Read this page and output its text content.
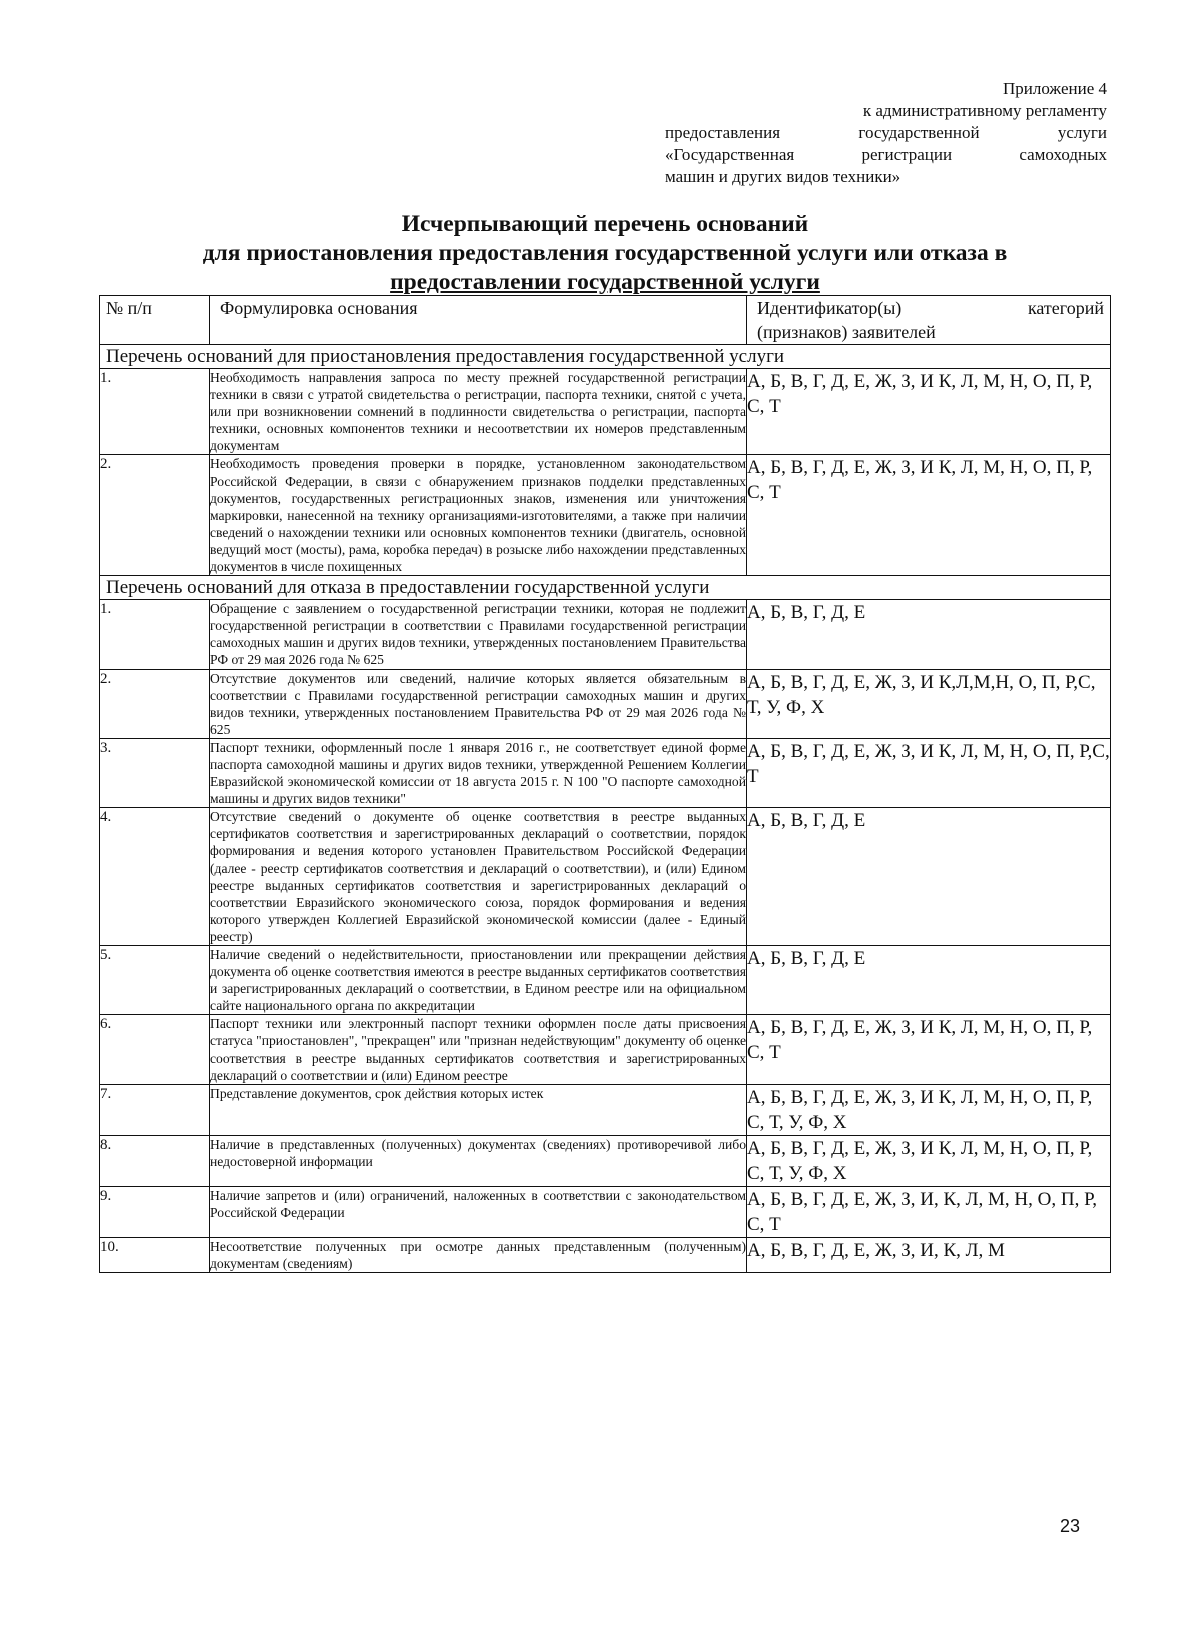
Приложение 4
к административному регламенту
предоставления государственной услуги
«Государственная регистрации самоходных
машин и других видов техники»
Исчерпывающий перечень оснований
для приостановления предоставления государственной услуги или отказа в
предоставлении государственной услуги
№ п/п	Формулировка основания	Идентификатор(ы) категорий
(признаков) заявителей

Перечень оснований для приостановления предоставления государственной услуги		
1.	Необходимость направления запроса по месту прежней государственной регистрации техники в связи с утратой свидетельства о регистрации, паспорта техники, снятой с учета, или при возникновении сомнений в подлинности свидетельства о регистрации, паспорта техники, основных компонентов техники и несоответствии их номеров представленным документам	А, Б, В, Г, Д, Е, Ж, З, И К, Л, М, Н, О, П, Р, С, Т
2.	Необходимость проведения проверки в порядке, установленном законодательством Российской Федерации, в связи с обнаружением признаков подделки представленных документов, государственных регистрационных знаков, изменения или уничтожения маркировки, нанесенной на технику организациями-изготовителями, а также при наличии сведений о нахождении техники или основных компонентов техники (двигатель, основной ведущий мост (мосты), рама, коробка передач) в розыске либо нахождении представленных документов в числе похищенных	А, Б, В, Г, Д, Е, Ж, З, И К, Л, М, Н, О, П, Р, С, Т
Перечень оснований для отказа в предоставлении государственной услуги		
1.	Обращение с заявлением о государственной регистрации техники, которая не подлежит государственной регистрации в соответствии с Правилами государственной регистрации самоходных машин и других видов техники, утвержденных постановлением Правительства РФ от 29 мая 2026 года № 625	А, Б, В, Г, Д, Е
2.	Отсутствие документов или сведений, наличие которых является обязательным в соответствии с Правилами государственной регистрации самоходных машин и других видов техники, утвержденных постановлением Правительства РФ от 29 мая 2026 года № 625	А, Б, В, Г, Д, Е, Ж, З, И К,Л,М,Н, О, П, Р,С, Т, У, Ф, Х
3.	Паспорт техники, оформленный после 1 января 2016 г., не соответствует единой форме паспорта самоходной машины и других видов техники, утвержденной Решением Коллегии Евразийской экономической комиссии от 18 августа 2015 г. N 100 "О паспорте самоходной машины и других видов техники"	А, Б, В, Г, Д, Е, Ж, З, И К, Л, М, Н, О, П, Р,С, Т
4.	Отсутствие сведений о документе об оценке соответствия в реестре выданных сертификатов соответствия и зарегистрированных деклараций о соответствии, порядок формирования и ведения которого установлен Правительством Российской Федерации (далее - реестр сертификатов соответствия и деклараций о соответствии), и (или) Едином реестре выданных сертификатов соответствия и зарегистрированных деклараций о соответствии Евразийского экономического союза, порядок формирования и ведения которого утвержден Коллегией Евразийской экономической комиссии (далее - Единый реестр)	А, Б, В, Г, Д, Е
5.	Наличие сведений о недействительности, приостановлении или прекращении действия документа об оценке соответствия имеются в реестре выданных сертификатов соответствия и зарегистрированных деклараций о соответствии, в Едином реестре или на официальном сайте национального органа по аккредитации	А, Б, В, Г, Д, Е
6.	Паспорт техники или электронный паспорт техники оформлен после даты присвоения статуса "приостановлен", "прекращен" или "признан недействующим" документу об оценке соответствия в реестре выданных сертификатов соответствия и зарегистрированных деклараций о соответствии и (или) Едином реестре	А, Б, В, Г, Д, Е, Ж, З, И К, Л, М, Н, О, П, Р, С, Т
7.	Представление документов, срок действия которых истек	А, Б, В, Г, Д, Е, Ж, З, И К, Л, М, Н, О, П, Р, С, Т, У, Ф, Х
8.	Наличие в представленных (полученных) документах (сведениях) противоречивой либо недостоверной информации	А, Б, В, Г, Д, Е, Ж, З, И К, Л, М, Н, О, П, Р, С, Т, У, Ф, Х
9.	Наличие запретов и (или) ограничений, наложенных в соответствии с законодательством Российской Федерации	А, Б, В, Г, Д, Е, Ж, З, И, К, Л, М, Н, О, П, Р, С, Т
10.	Несоответствие полученных при осмотре данных представленным (полученным) документам (сведениям)	А, Б, В, Г, Д, Е, Ж, З, И, К, Л, М
23
